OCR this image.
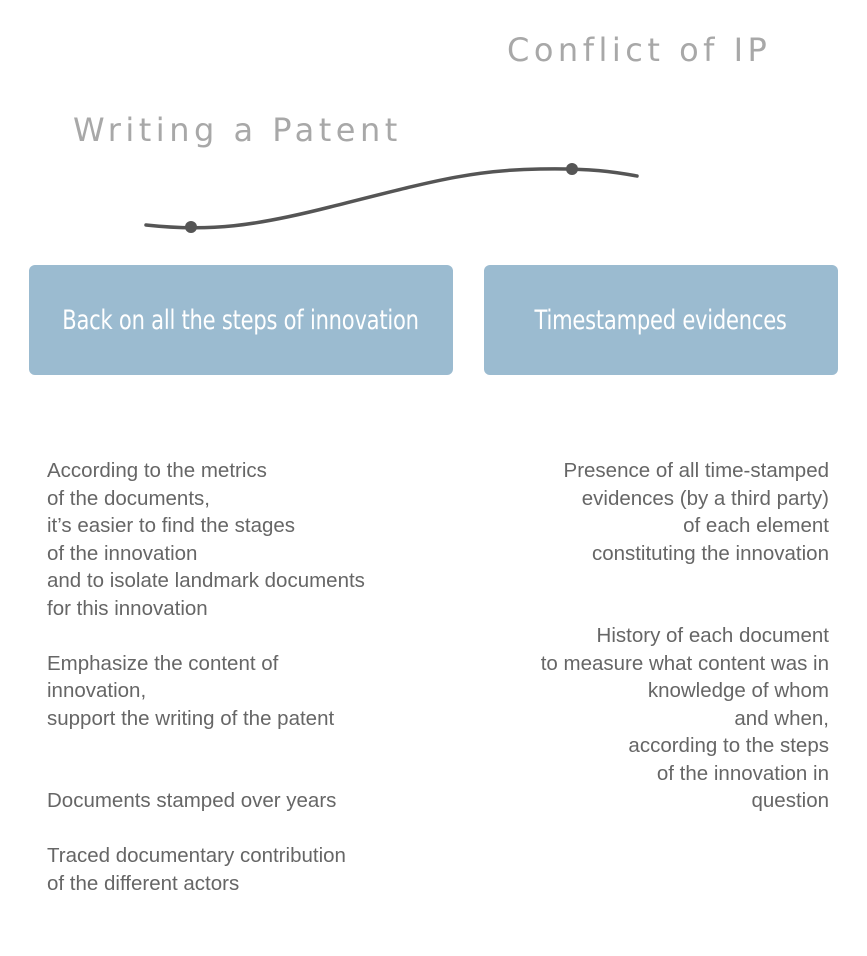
Writing a Patent
Conflict of IP
Back on all the steps of innovation	Timestamped evidences

According to the metrics
of the documents,
it’s easier to find the stages
of the innovation
and to isolate landmark documents
for this innovation

Emphasize the content of
innovation,
support the writing of the patent

Documents stamped over years

Traced documentary contribution
of the different actors

Presence of all time-stamped
evidences (by a third party)
of each element
constituting the innovation

History of each document
to measure what content was in
knowledge of whom
and when,
according to the steps
of the innovation in
question
